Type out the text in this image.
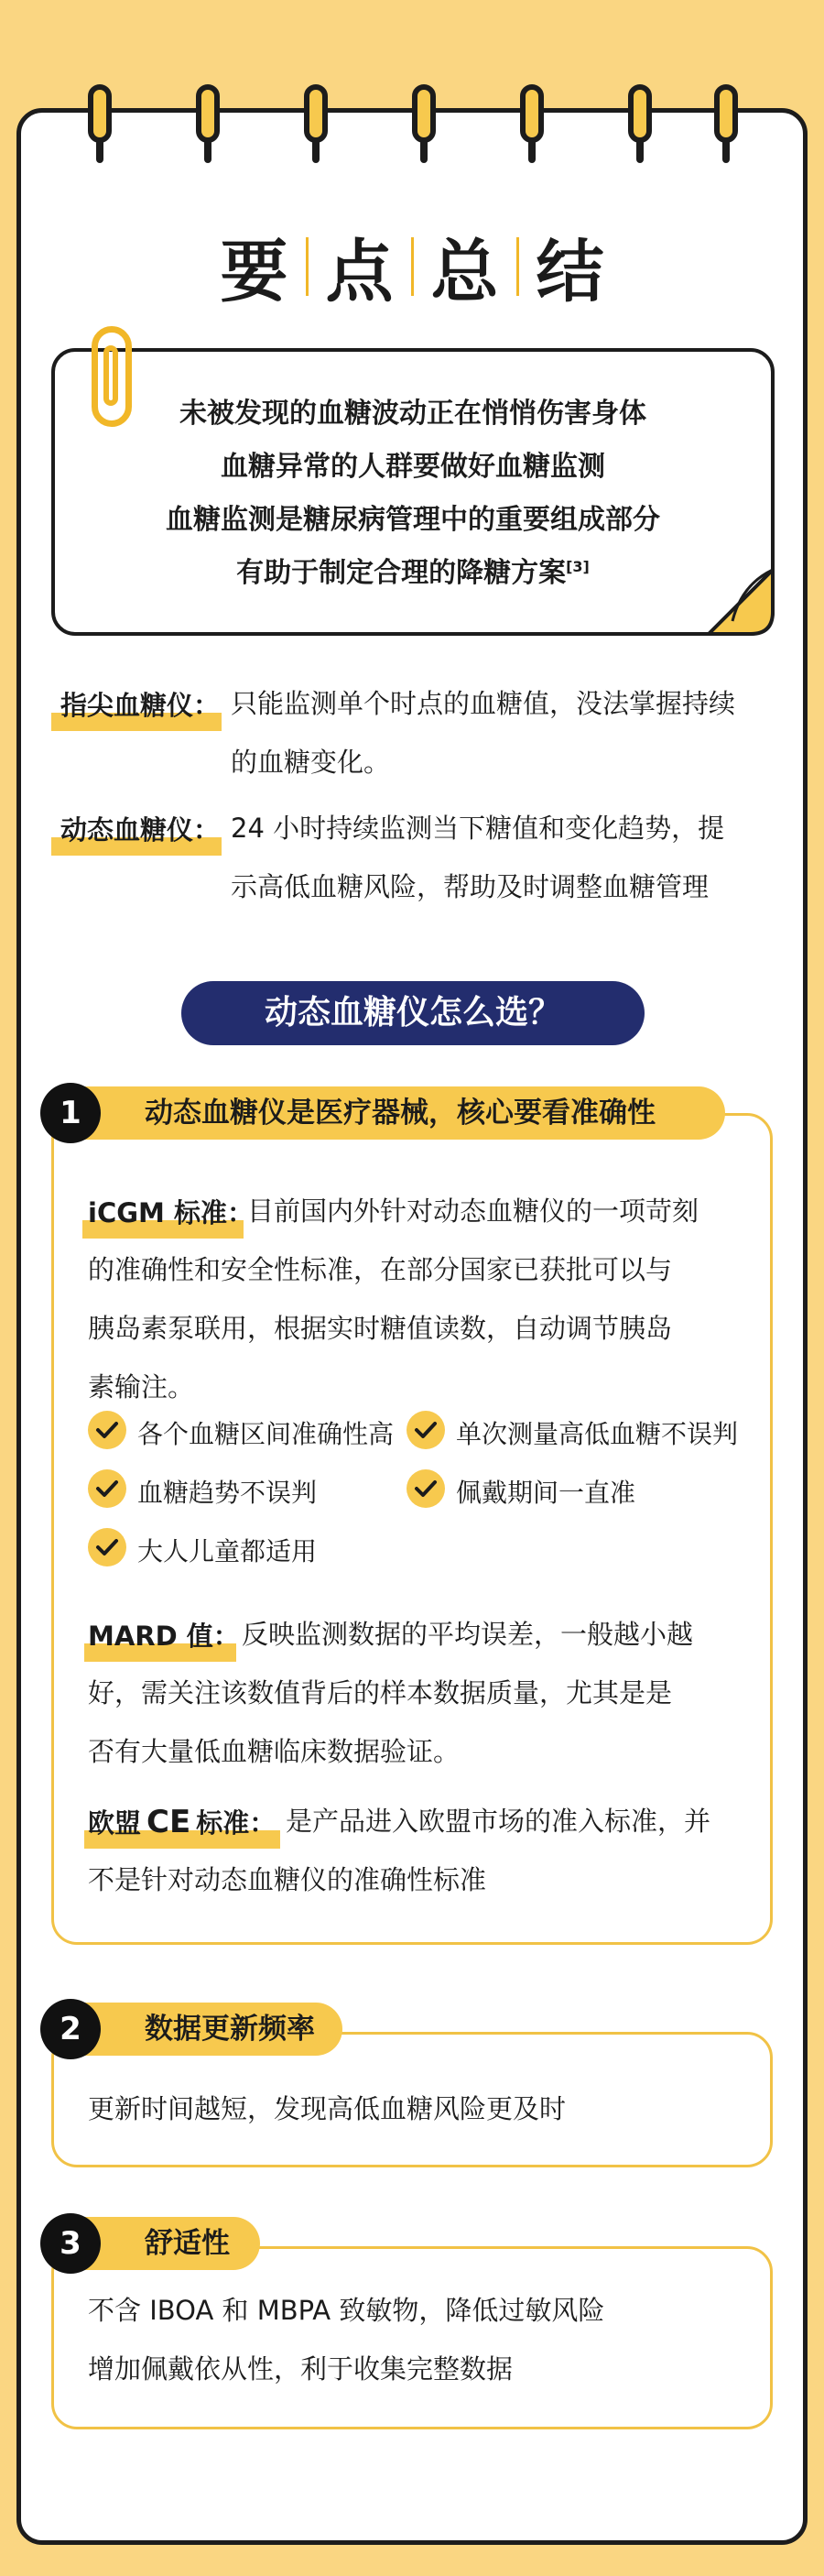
要 点 总 结
未被发现的血糖波动正在悄悄伤害身体
血糖异常的人群要做好血糖监测
血糖监测是糖尿病管理中的重要组成部分
有助于制定合理的降糖方案[3]
指尖血糖仪： 只能监测单个时点的血糖值，没法掌握持续
的血糖变化。
动态血糖仪： 24 小时持续监测当下糖值和变化趋势，提
示高低血糖风险，帮助及时调整血糖管理
动态血糖仪怎么选？
动态血糖仪是医疗器械，核心要看准确性
1
iCGM 标准：
目前国内外针对动态血糖仪的一项苛刻
的准确性和安全性标准，在部分国家已获批可以与
胰岛素泵联用，根据实时糖值读数，自动调节胰岛
素输注。
各个血糖区间准确性高 单次测量高低血糖不误判
血糖趋势不误判	佩戴期间一直准
大人儿童都适用
MARD 值： 反映监测数据的平均误差，一般越小越
好，需关注该数值背后的样本数据质量，尤其是是
否有大量低血糖临床数据验证。
欧盟 CE 标准： 是产品进入欧盟市场的准入标准，并
不是针对动态血糖仪的准确性标准
数据更新频率
2
更新时间越短，发现高低血糖风险更及时
舒适性
3
不含 IBOA 和 MBPA 致敏物，降低过敏风险
增加佩戴依从性，利于收集完整数据
